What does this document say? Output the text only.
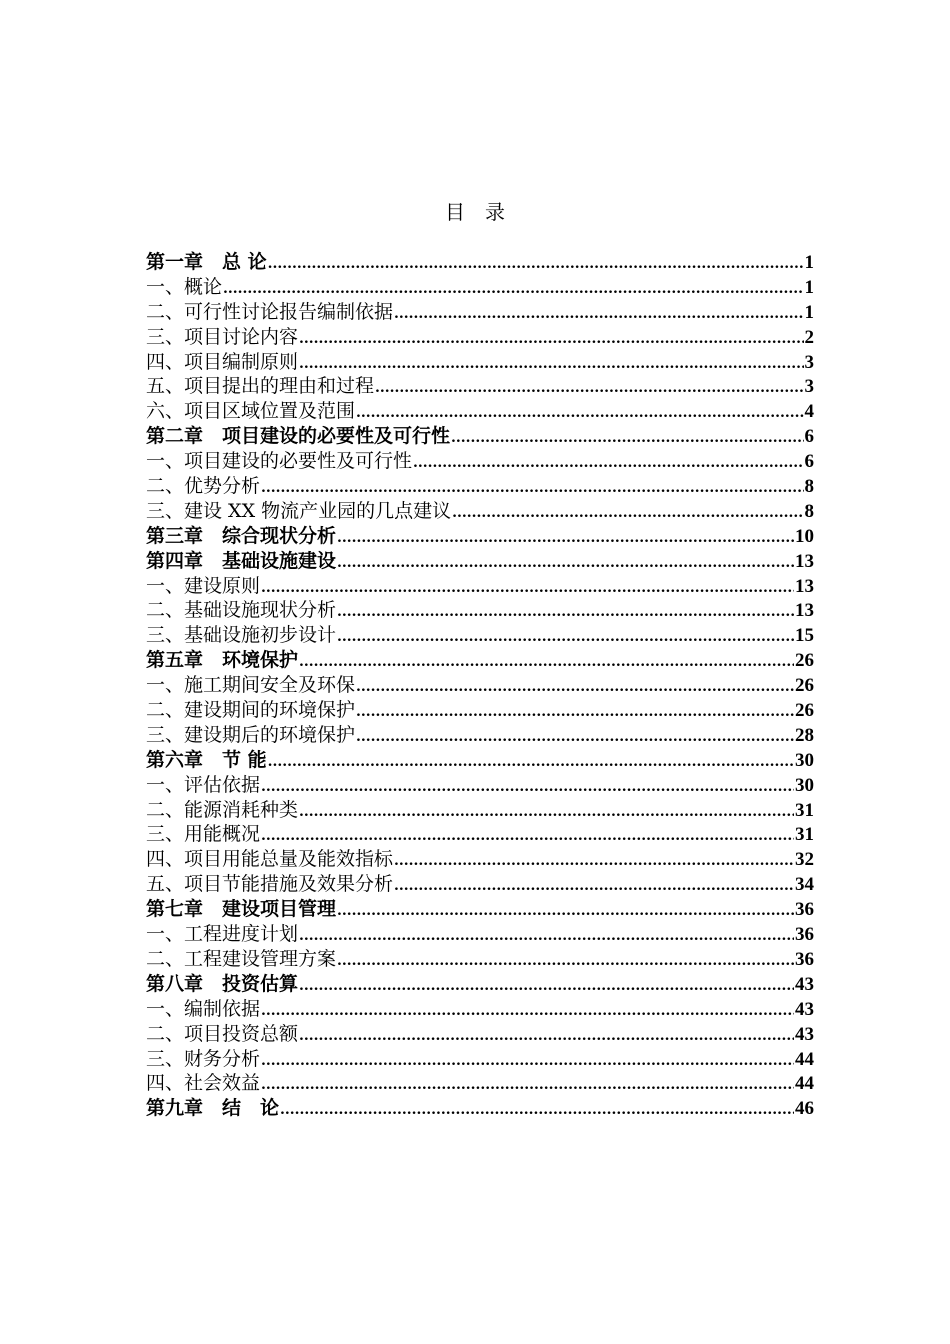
目　录
第一章　总 论 .....	1
一、概论 .....	1
二、可行性讨论报告编制依据 .....	1
三、项目讨论内容 .....	2
四、项目编制原则 .....	3
五、项目提出的理由和过程 .....	3
六、项目区域位置及范围 .....	4
第二章　项目建设的必要性及可行性 .....	6
一、项目建设的必要性及可行性 .....	6
二、优势分析 .....	8
三、建设 XX 物流产业园的几点建议 .....	8
第三章　综合现状分析 .....	10
第四章　基础设施建设 .....	13
一、建设原则 .....	13
二、基础设施现状分析 .....	13
三、基础设施初步设计 .....	15
第五章　环境保护 .....	26
一、施工期间安全及环保 .....	26
二、建设期间的环境保护 .....	26
三、建设期后的环境保护 .....	28
第六章　节 能 .....	30
一、评估依据 .....	30
二、能源消耗种类 .....	31
三、用能概况 .....	31
四、项目用能总量及能效指标 .....	32
五、项目节能措施及效果分析 .....	34
第七章　建设项目管理 .....	36
一、工程进度计划 .....	36
二、工程建设管理方案 .....	36
第八章　投资估算 .....	43
一、编制依据 .....	43
二、项目投资总额 .....	43
三、财务分析 .....	44
四、社会效益 .....	44
第九章　结　论 .....	46
